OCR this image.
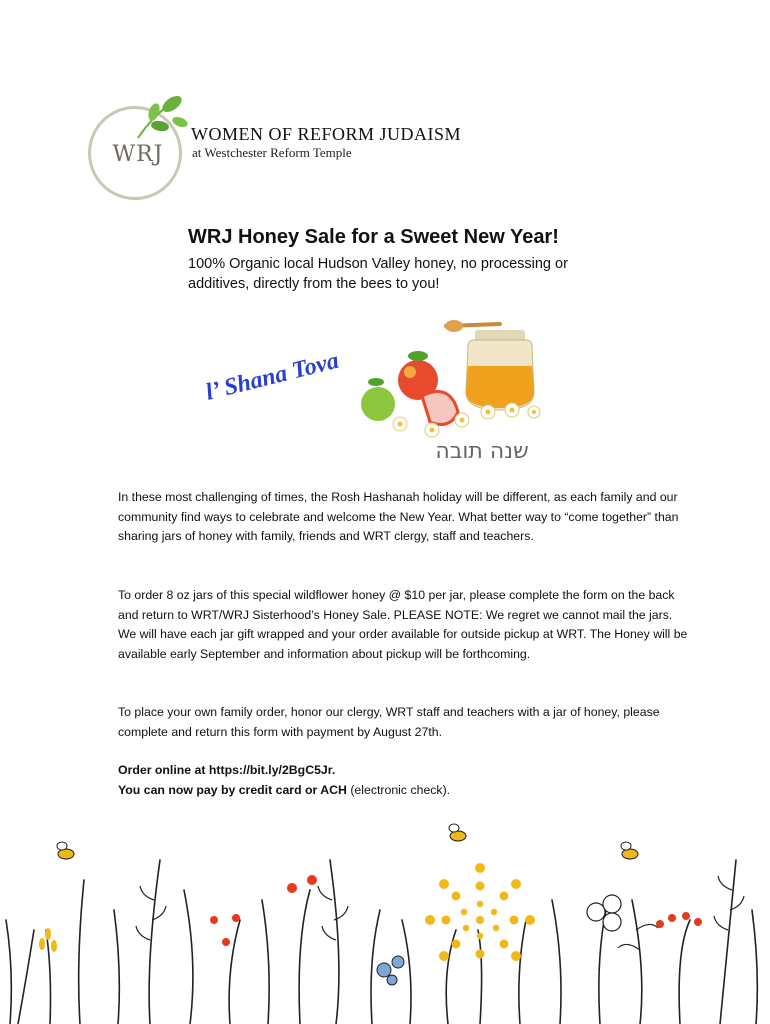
WRJ
WOMEN OF REFORM JUDAISM
at Westchester Reform Temple
WRJ Honey Sale for a Sweet New Year!
100% Organic local Hudson Valley honey, no processing or additives, directly from the bees to you!
l’ Shana Tova
שנה תובה

In these most challenging of times, the Rosh Hashanah holiday will be different, as each family and our community find ways to celebrate and welcome the New Year. What better way to “come together” than sharing jars of honey with family, friends and WRT clergy, staff and teachers.

To order 8 oz jars of this special wildflower honey @ $10 per jar, please complete the form on the back and return to WRT/WRJ Sisterhood’s Honey Sale. PLEASE NOTE: We regret we cannot mail the jars. We will have each jar gift wrapped and your order available for outside pickup at WRT. The Honey will be available early September and information about pickup will be forthcoming.

To place your own family order, honor our clergy, WRT staff and teachers with a jar of honey, please complete and return this form with payment by August 27th.

Order online at https://bit.ly/2BgC5Jr.
You can now pay by credit card or ACH (electronic check).
